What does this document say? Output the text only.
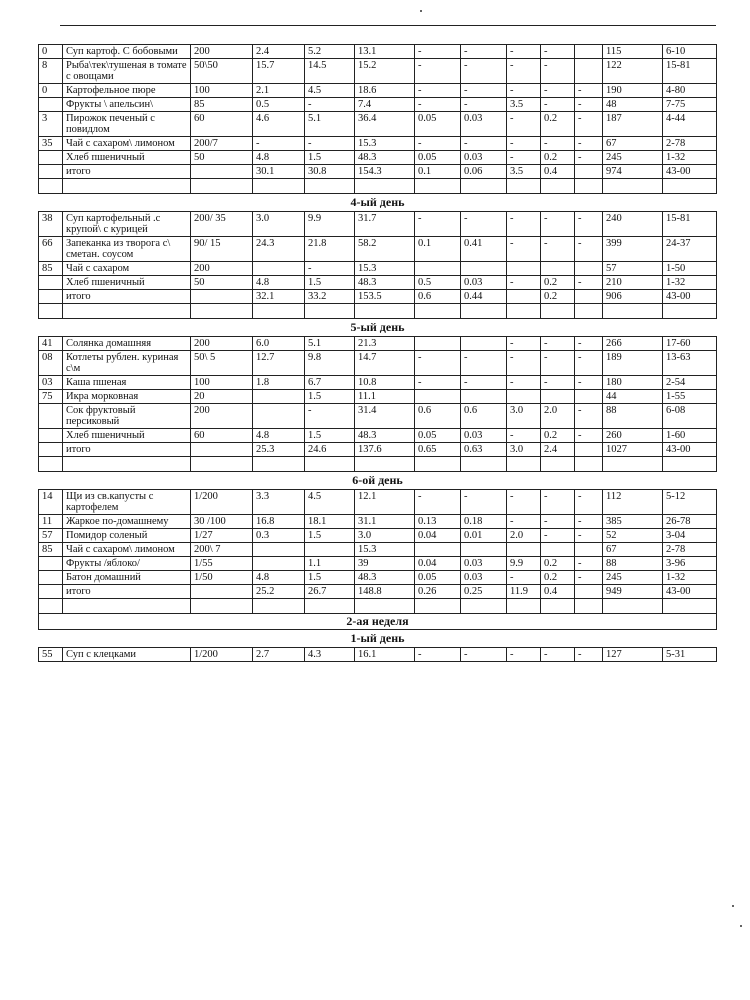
0	Суп картоф. С бобовыми	200	2.4	5.2	13.1	-	-	-	-		115	6-10
8	Рыба\тек\тушеная в томате с овощами	50\50	15.7	14.5	15.2	-	-	-	-		122	15-81
0	Картофельное пюре	100	2.1	4.5	18.6	-	-	-	-	-	190	4-80
	Фрукты \ апельсин\	85	0.5	-	7.4	-	-	3.5	-	-	48	7-75
3	Пирожок печеный с повидлом	60	4.6	5.1	36.4	0.05	0.03	-	0.2	-	187	4-44
35	Чай с сахаром\ лимоном	200/7	-	-	15.3	-	-	-	-	-	67	2-78
	Хлеб пшеничный	50	4.8	1.5	48.3	0.05	0.03	-	0.2	-	245	1-32
	итого		30.1	30.8	154.3	0.1	0.06	3.5	0.4		974	43-00

4-ый день												
38	Суп картофельный .с крупой\ с курицей	200/ 35	3.0	9.9	31.7	-	-	-	-	-	240	15-81
66	Запеканка из творога с\ сметан. соусом	90/ 15	24.3	21.8	58.2	0.1	0.41	-	-	-	399	24-37
85	Чай с сахаром	200		-	15.3						57	1-50
	Хлеб пшеничный	50	4.8	1.5	48.3	0.5	0.03	-	0.2	-	210	1-32
	итого		32.1	33.2	153.5	0.6	0.44		0.2		906	43-00

5-ый день												
41	Солянка домашняя	200	6.0	5.1	21.3			-	-	-	266	17-60
08	Котлеты рублен. куриная с\м	50\ 5	12.7	9.8	14.7	-	-	-	-	-	189	13-63
03	Каша пшеная	100	1.8	6.7	10.8	-	-	-	-	-	180	2-54
75	Икра морковная	20		1.5	11.1						44	1-55
	Сок фруктовый персиковый	200		-	31.4	0.6	0.6	3.0	2.0	-	88	6-08
	Хлеб пшеничный	60	4.8	1.5	48.3	0.05	0.03	-	0.2	-	260	1-60
	итого		25.3	24.6	137.6	0.65	0.63	3.0	2.4		1027	43-00

6-ой день												
14	Щи из св.капусты с картофелем	1/200	3.3	4.5	12.1	-	-	-	-	-	112	5-12
11	Жаркое по-домашнему	30 /100	16.8	18.1	31.1	0.13	0.18	-	-	-	385	26-78
57	Помидор соленый	1/27	0.3	1.5	3.0	0.04	0.01	2.0	-	-	52	3-04
85	Чай с сахаром\ лимоном	200\ 7			15.3						67	2-78
	Фрукты /яблоко/	1/55		1.1	39	0.04	0.03	9.9	0.2	-	88	3-96
	Батон домашний	1/50	4.8	1.5	48.3	0.05	0.03	-	0.2	-	245	1-32
	итого		25.2	26.7	148.8	0.26	0.25	11.9	0.4		949	43-00

2-ая неделя												
1-ый день												
55	Суп с клецками	1/200	2.7	4.3	16.1	-	-	-	-	-	127	5-31
